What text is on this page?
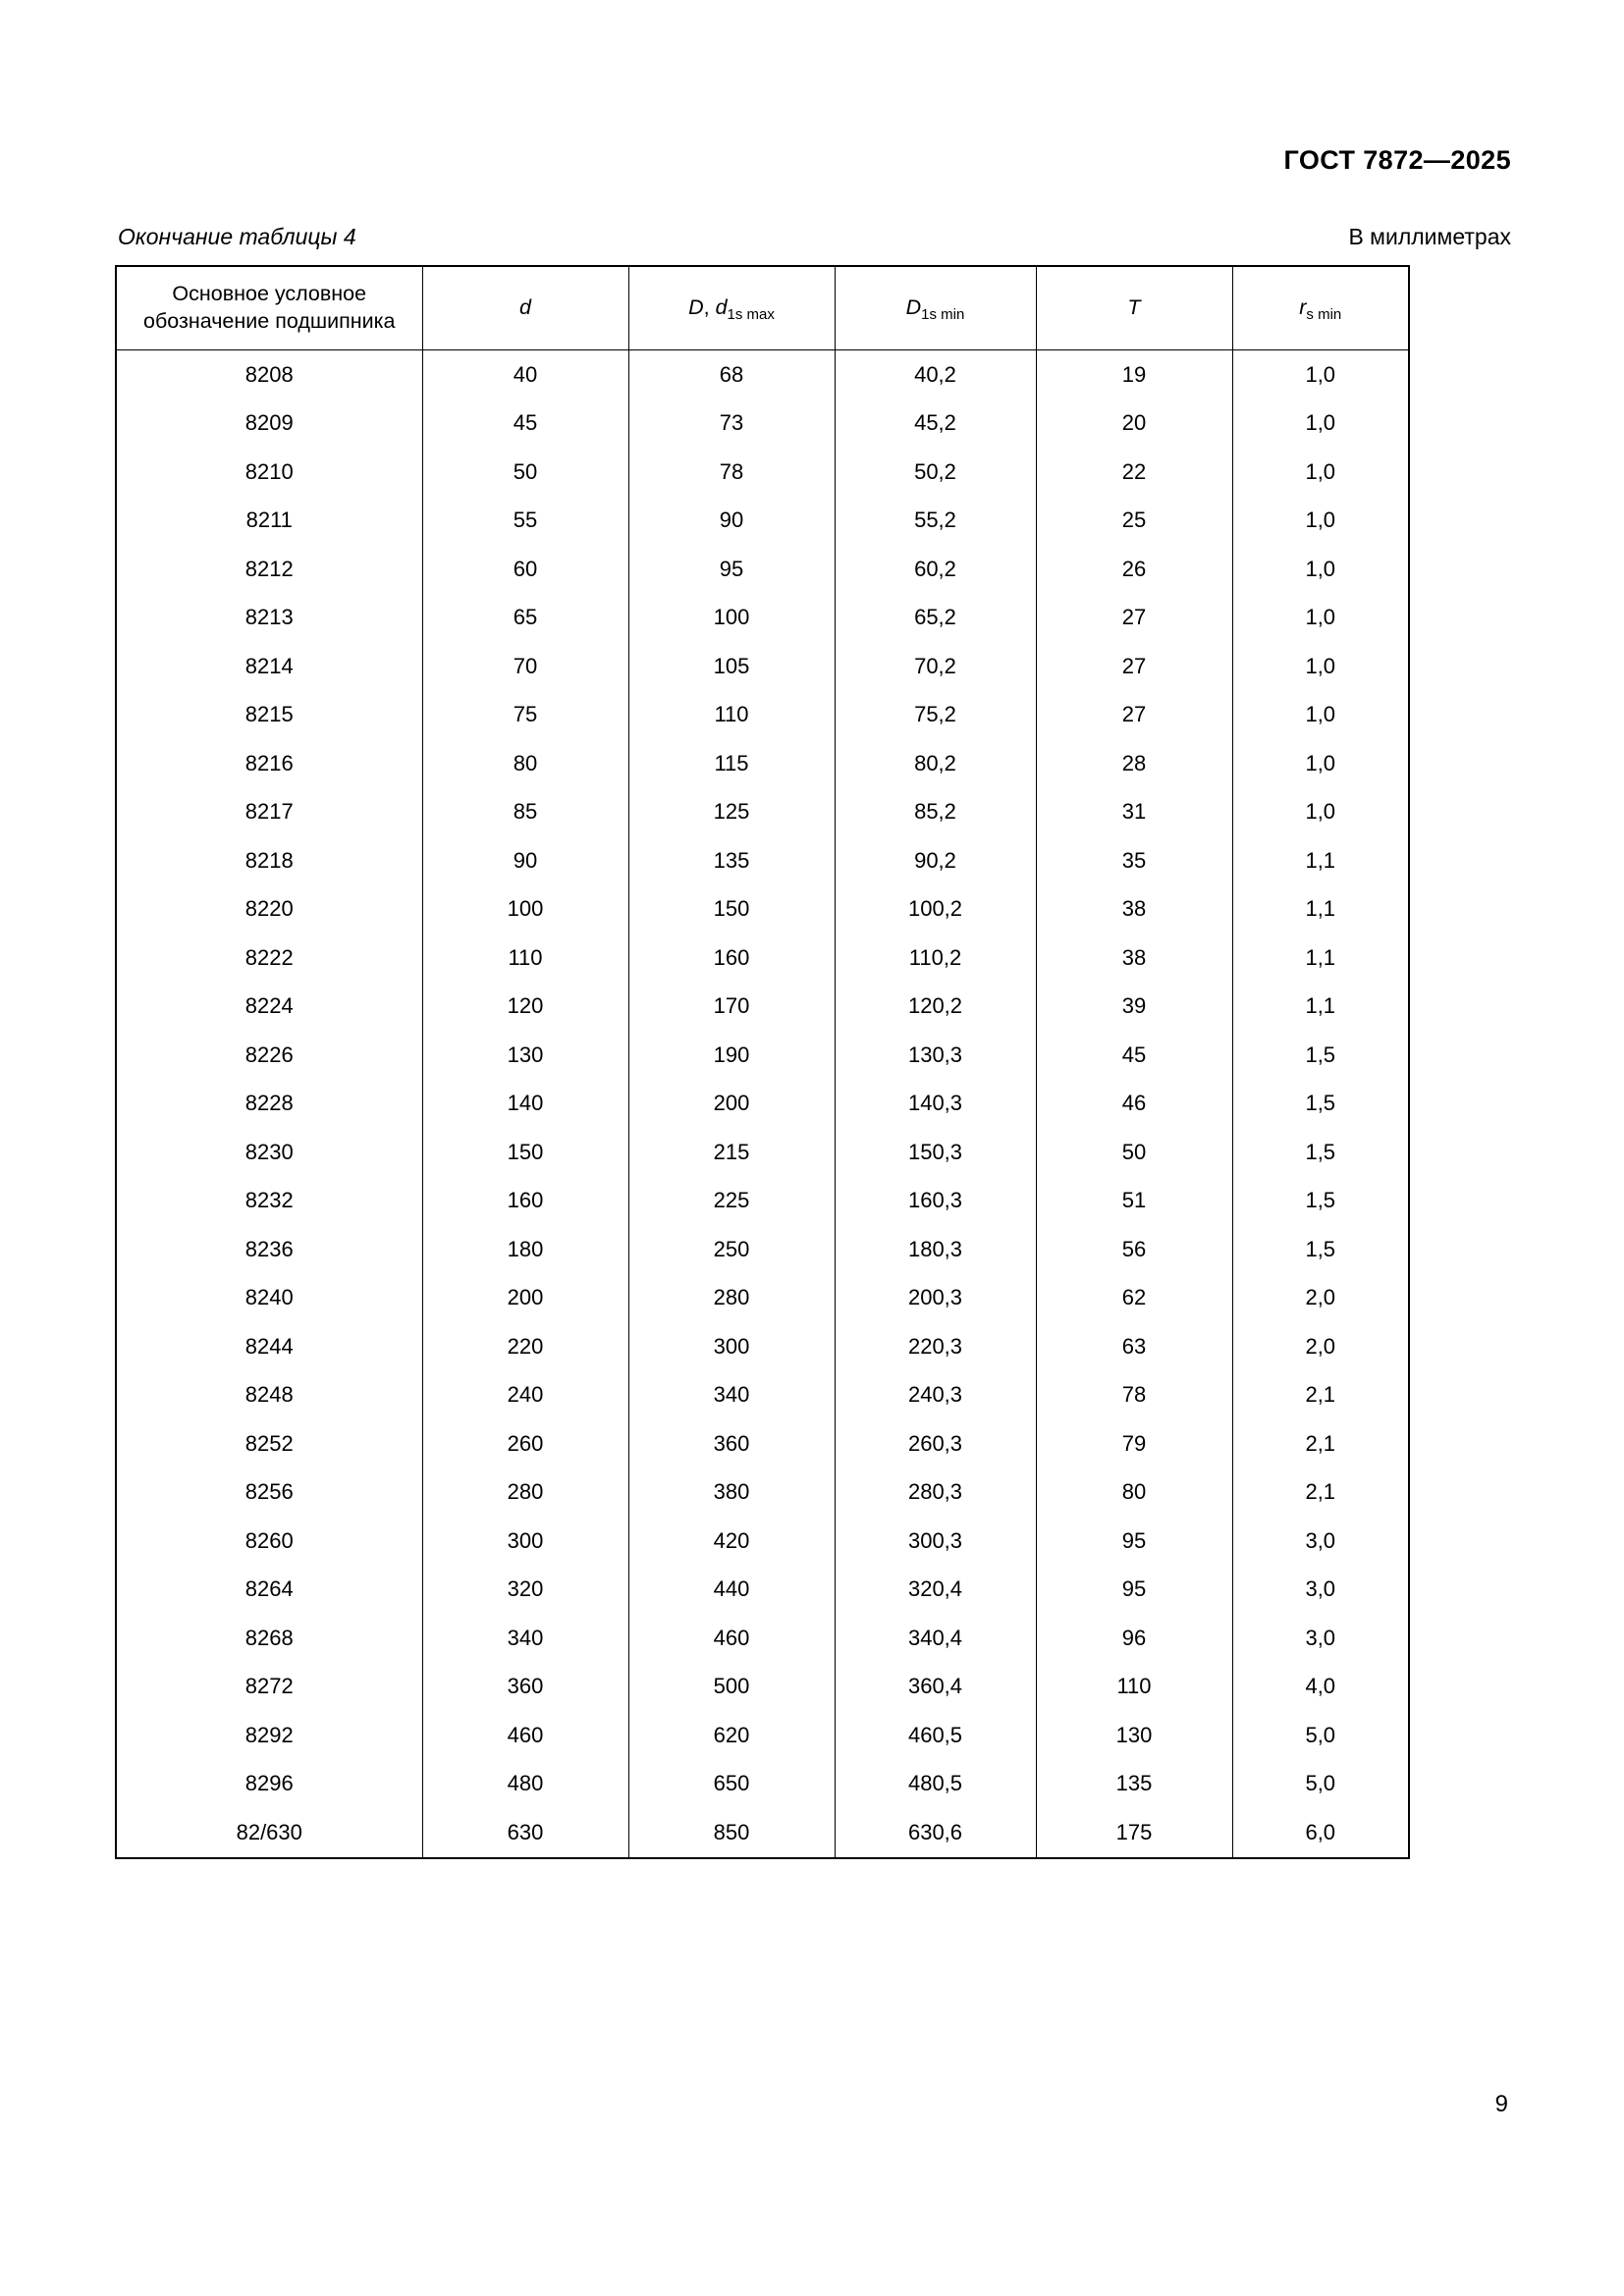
ГОСТ 7872—2025
Окончание таблицы 4	В миллиметрах
Основное условное
обозначение подшипника	d	D, $d_{1s max}$	$D_{1s min}$	T	$r_{s min}$
8208	40	68	40,2	19	1,0
8209	45	73	45,2	20	1,0
8210	50	78	50,2	22	1,0
8211	55	90	55,2	25	1,0
8212	60	95	60,2	26	1,0
8213	65	100	65,2	27	1,0
8214	70	105	70,2	27	1,0
8215	75	110	75,2	27	1,0
8216	80	115	80,2	28	1,0
8217	85	125	85,2	31	1,0
8218	90	135	90,2	35	1,1
8220	100	150	100,2	38	1,1
8222	110	160	110,2	38	1,1
8224	120	170	120,2	39	1,1
8226	130	190	130,3	45	1,5
8228	140	200	140,3	46	1,5
8230	150	215	150,3	50	1,5
8232	160	225	160,3	51	1,5
8236	180	250	180,3	56	1,5
8240	200	280	200,3	62	2,0
8244	220	300	220,3	63	2,0
8248	240	340	240,3	78	2,1
8252	260	360	260,3	79	2,1
8256	280	380	280,3	80	2,1
8260	300	420	300,3	95	3,0
8264	320	440	320,4	95	3,0
8268	340	460	340,4	96	3,0
8272	360	500	360,4	110	4,0
8292	460	620	460,5	130	5,0
8296	480	650	480,5	135	5,0
82/630	630	850	630,6	175	6,0
9
